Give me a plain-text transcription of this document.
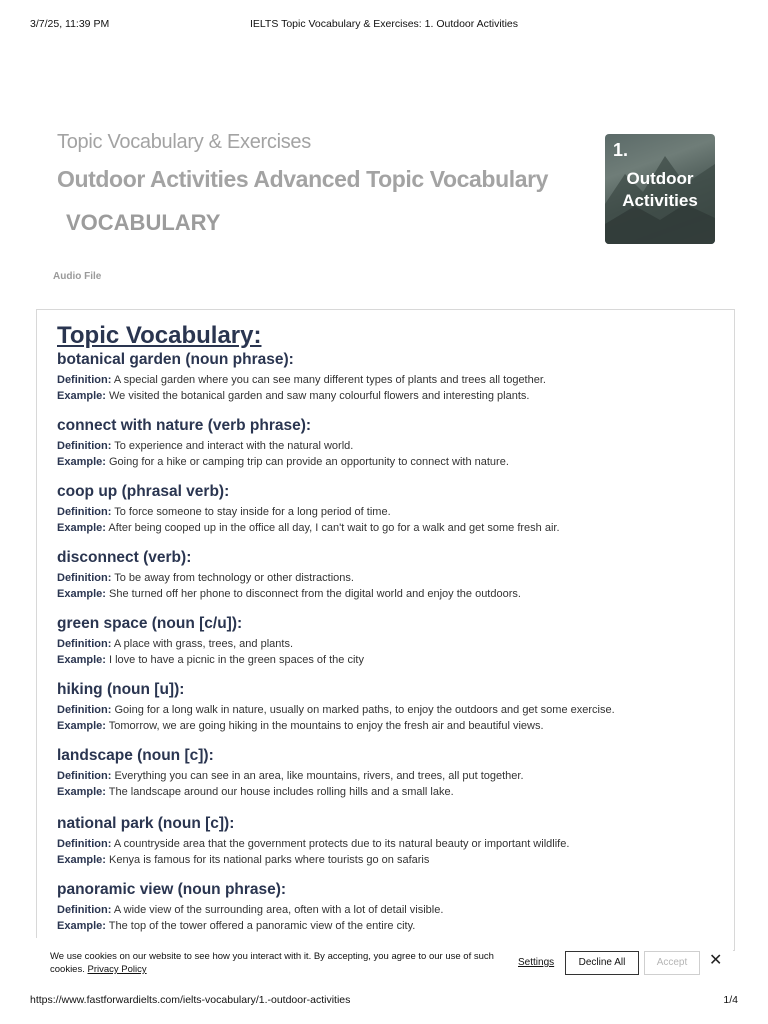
3/7/25, 11:39 PM	IELTS Topic Vocabulary & Exercises: 1. Outdoor Activities
Topic Vocabulary & Exercises
Outdoor Activities Advanced Topic Vocabulary
VOCABULARY
1.
Outdoor
Activities
Audio File
Topic Vocabulary:
botanical garden (noun phrase):
Definition: A special garden where you can see many different types of plants and trees all together.
Example: We visited the botanical garden and saw many colourful flowers and interesting plants.
connect with nature (verb phrase):
Definition: To experience and interact with the natural world.
Example: Going for a hike or camping trip can provide an opportunity to connect with nature.
coop up (phrasal verb):
Definition: To force someone to stay inside for a long period of time.
Example: After being cooped up in the office all day, I can't wait to go for a walk and get some fresh air.
disconnect (verb):
Definition: To be away from technology or other distractions.
Example: She turned off her phone to disconnect from the digital world and enjoy the outdoors.
green space (noun [c/u]):
Definition: A place with grass, trees, and plants.
Example: I love to have a picnic in the green spaces of the city
hiking (noun [u]):
Definition: Going for a long walk in nature, usually on marked paths, to enjoy the outdoors and get some exercise.
Example: Tomorrow, we are going hiking in the mountains to enjoy the fresh air and beautiful views.
landscape (noun [c]):
Definition: Everything you can see in an area, like mountains, rivers, and trees, all put together.
Example: The landscape around our house includes rolling hills and a small lake.
national park (noun [c]):
Definition: A countryside area that the government protects due to its natural beauty or important wildlife.
Example: Kenya is famous for its national parks where tourists go on safaris
panoramic view (noun phrase):
Definition: A wide view of the surrounding area, often with a lot of detail visible.
Example: The top of the tower offered a panoramic view of the entire city.
We use cookies on our website to see how you interact with it. By accepting, you agree to our use of such cookies. Privacy Policy
Settings	Decline All	Accept	✕
https://www.fastforwardielts.com/ielts-vocabulary/1.-outdoor-activities	1/4
